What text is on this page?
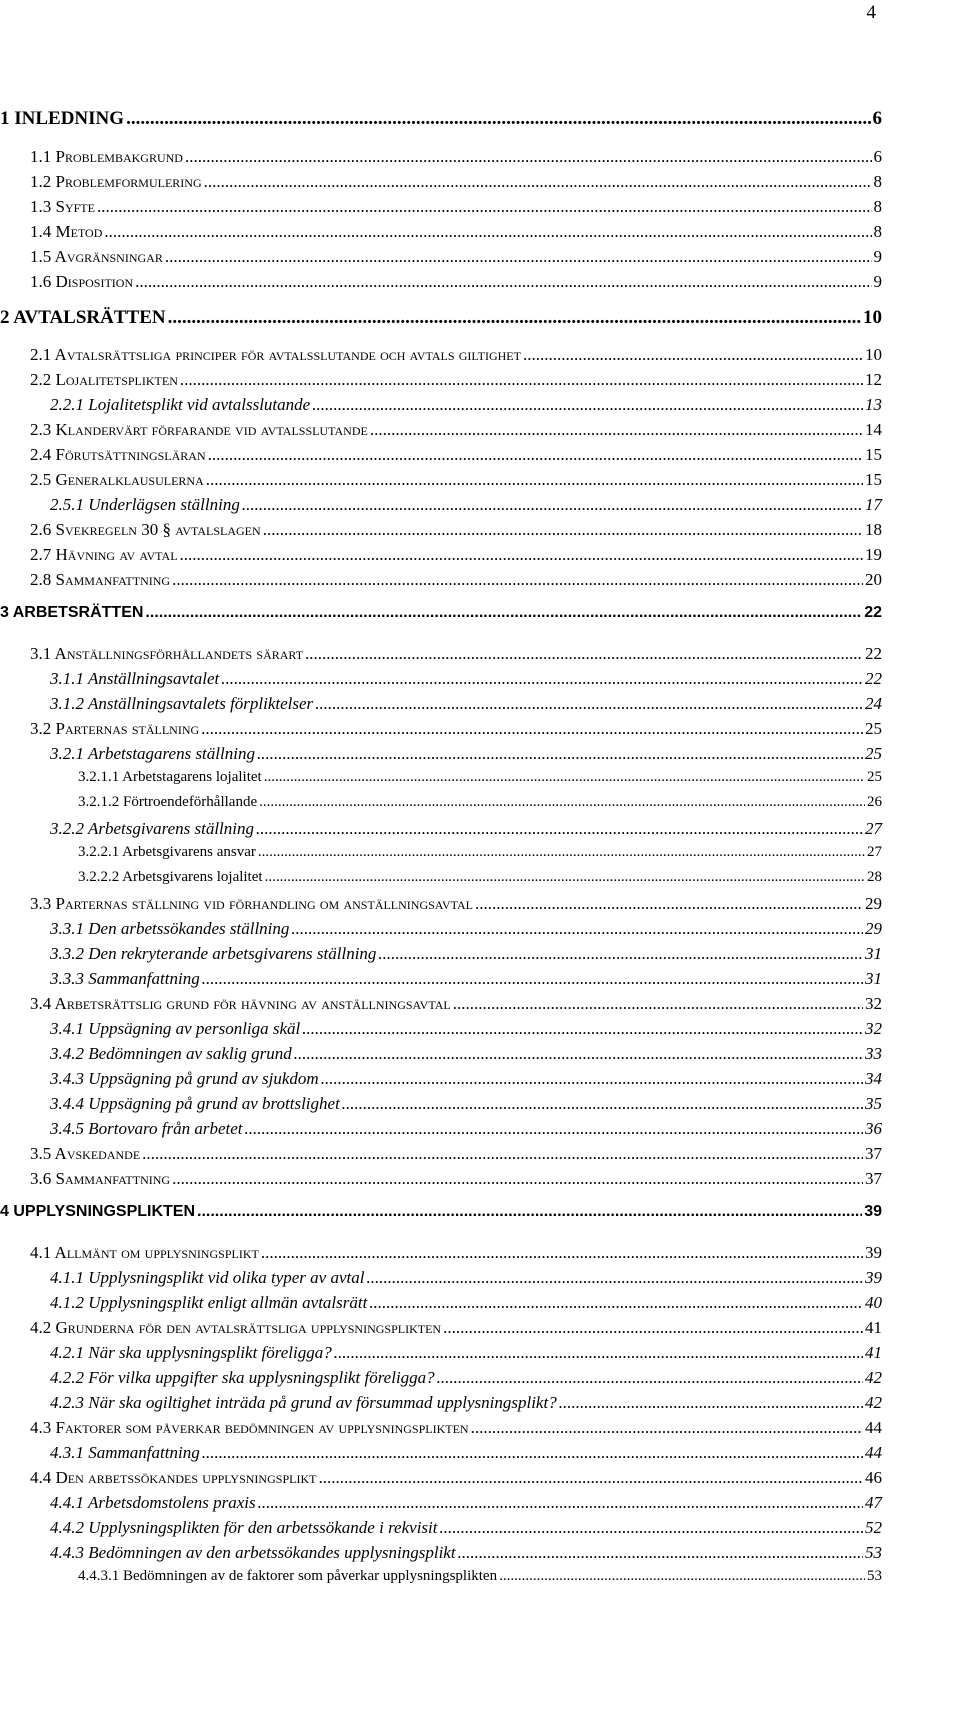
4
1 INLEDNING .....	6
1.1 Problembakgrund .....	6
1.2 Problemformulering .....	8
1.3 Syfte .....	8
1.4 Metod .....	8
1.5 Avgränsningar .....	9
1.6 Disposition .....	9
2 AVTALSRÄTTEN .....	10
2.1 Avtalsrättsliga principer för avtalsslutande och avtals giltighet .....	10
2.2 Lojalitetsplikten .....	12
2.2.1 Lojalitetsplikt vid avtalsslutande .....	13
2.3 Klandervärt förfarande vid avtalsslutande .....	14
2.4 Förutsättningsläran .....	15
2.5 Generalklausulerna .....	15
2.5.1 Underlägsen ställning .....	17
2.6 Svekregeln 30 § avtalslagen .....	18
2.7 Hävning av avtal .....	19
2.8 Sammanfattning .....	20
3 ARBETSRÄTTEN .....	22
3.1 Anställningsförhållandets särart .....	22
3.1.1 Anställningsavtalet .....	22
3.1.2 Anställningsavtalets förpliktelser .....	24
3.2 Parternas ställning .....	25
3.2.1 Arbetstagarens ställning .....	25
3.2.1.1 Arbetstagarens lojalitet .....	25
3.2.1.2 Förtroendeförhållande .....	26
3.2.2 Arbetsgivarens ställning .....	27
3.2.2.1 Arbetsgivarens ansvar .....	27
3.2.2.2 Arbetsgivarens lojalitet .....	28
3.3 Parternas ställning vid förhandling om anställningsavtal .....	29
3.3.1 Den arbetssökandes ställning .....	29
3.3.2 Den rekryterande arbetsgivarens ställning .....	31
3.3.3 Sammanfattning .....	31
3.4 Arbetsrättslig grund för hävning av anställningsavtal .....	32
3.4.1 Uppsägning av personliga skäl .....	32
3.4.2 Bedömningen av saklig grund .....	33
3.4.3 Uppsägning på grund av sjukdom .....	34
3.4.4 Uppsägning på grund av brottslighet .....	35
3.4.5 Bortovaro från arbetet .....	36
3.5 Avskedande .....	37
3.6 Sammanfattning .....	37
4 UPPLYSNINGSPLIKTEN .....	39
4.1 Allmänt om upplysningsplikt .....	39
4.1.1 Upplysningsplikt vid olika typer av avtal .....	39
4.1.2 Upplysningsplikt enligt allmän avtalsrätt .....	40
4.2 Grunderna för den avtalsrättsliga upplysningsplikten .....	41
4.2.1 När ska upplysningsplikt föreligga? .....	41
4.2.2 För vilka uppgifter ska upplysningsplikt föreligga? .....	42
4.2.3 När ska ogiltighet inträda på grund av försummad upplysningsplikt? .....	42
4.3 Faktorer som påverkar bedömningen av upplysningsplikten .....	44
4.3.1 Sammanfattning .....	44
4.4 Den arbetssökandes upplysningsplikt .....	46
4.4.1 Arbetsdomstolens praxis .....	47
4.4.2 Upplysningsplikten för den arbetssökande i rekvisit .....	52
4.4.3 Bedömningen av den arbetssökandes upplysningsplikt .....	53
4.4.3.1 Bedömningen av de faktorer som påverkar upplysningsplikten .....	53
